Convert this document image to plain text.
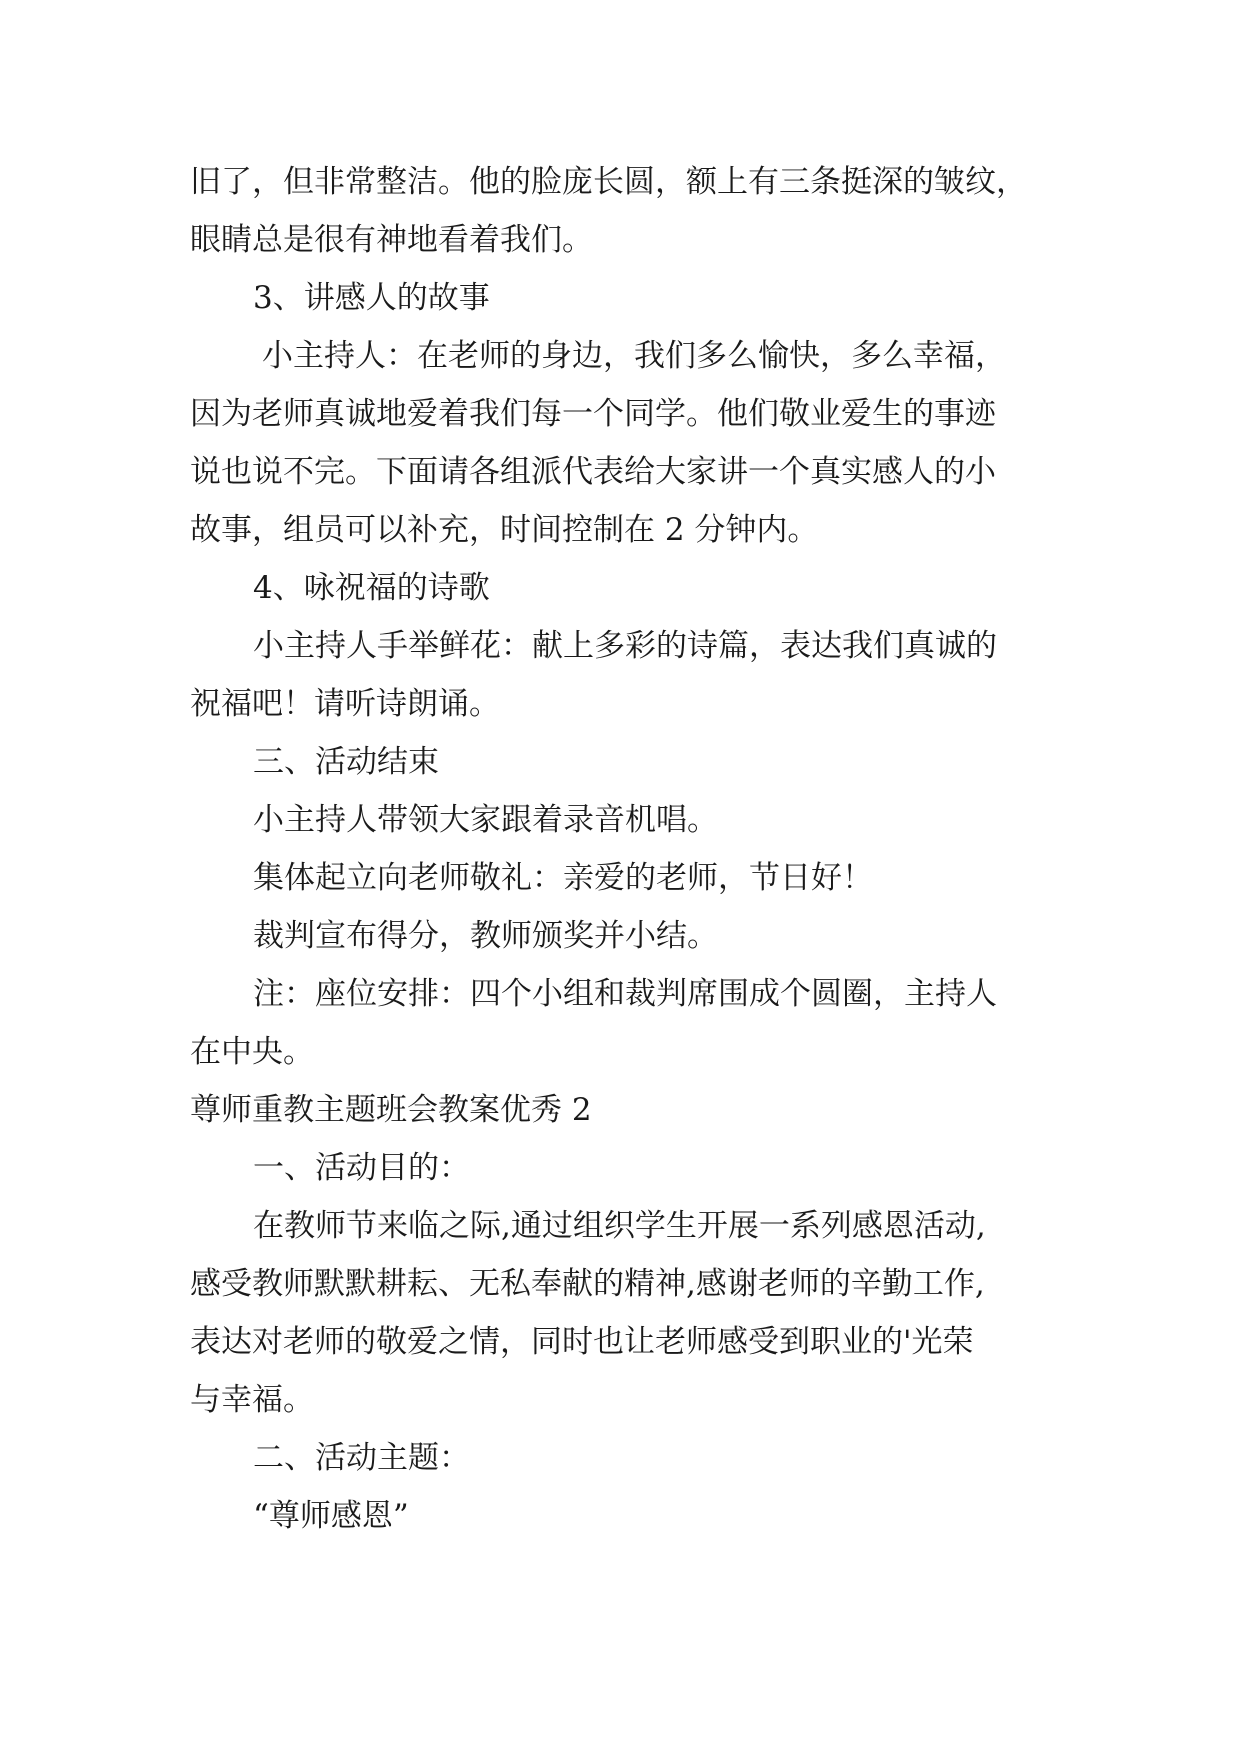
旧了，但非常整洁。他的脸庞长圆，额上有三条挺深的皱纹，
眼睛总是很有神地看着我们。
3、讲感人的故事
小主持人：在老师的身边，我们多么愉快，多么幸福，
因为老师真诚地爱着我们每一个同学。他们敬业爱生的事迹
说也说不完。下面请各组派代表给大家讲一个真实感人的小
故事，组员可以补充，时间控制在 2 分钟内。
4、咏祝福的诗歌
小主持人手举鲜花：献上多彩的诗篇，表达我们真诚的
祝福吧！请听诗朗诵。
三、活动结束
小主持人带领大家跟着录音机唱。
集体起立向老师敬礼：亲爱的老师，节日好！
裁判宣布得分，教师颁奖并小结。
注：座位安排：四个小组和裁判席围成个圆圈，主持人
在中央。
尊师重教主题班会教案优秀 2
一、活动目的：
在教师节来临之际,通过组织学生开展一系列感恩活动,
感受教师默默耕耘、无私奉献的精神,感谢老师的辛勤工作,
表达对老师的敬爱之情，同时也让老师感受到职业的'光荣
与幸福。
二、活动主题：
“尊师感恩”
